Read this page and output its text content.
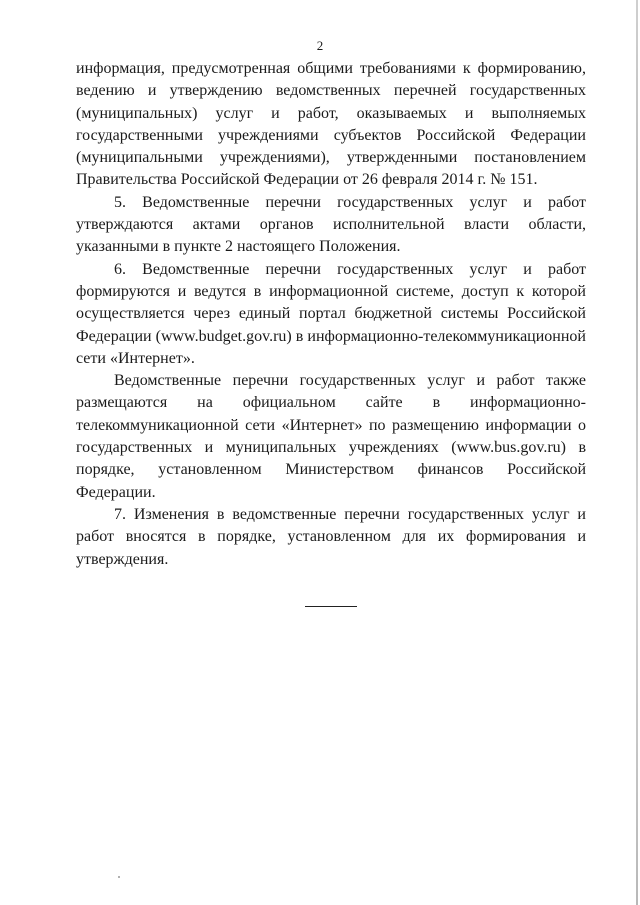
2

информация, предусмотренная общими требованиями к формированию, ведению и утверждению ведомственных перечней государственных (муниципальных) услуг и работ, оказываемых и выполняемых государственными учреждениями субъектов Российской Федерации (муниципальными учреждениями), утвержденными постановлением Правительства Российской Федерации от 26 февраля 2014 г. № 151.

5. Ведомственные перечни государственных услуг и работ утверждаются актами органов исполнительной власти области, указанными в пункте 2 настоящего Положения.

6. Ведомственные перечни государственных услуг и работ формируются и ведутся в информационной системе, доступ к которой осуществляется через единый портал бюджетной системы Российской Федерации (www.budget.gov.ru) в информационно-телекоммуникационной сети «Интернет».

Ведомственные перечни государственных услуг и работ также размещаются на официальном сайте в информационно-телекоммуникационной сети «Интернет» по размещению информации о государственных и муниципальных учреждениях (www.bus.gov.ru) в порядке, установленном Министерством финансов Российской Федерации.

7. Изменения в ведомственные перечни государственных услуг и работ вносятся в порядке, установленном для их формирования и утверждения.
